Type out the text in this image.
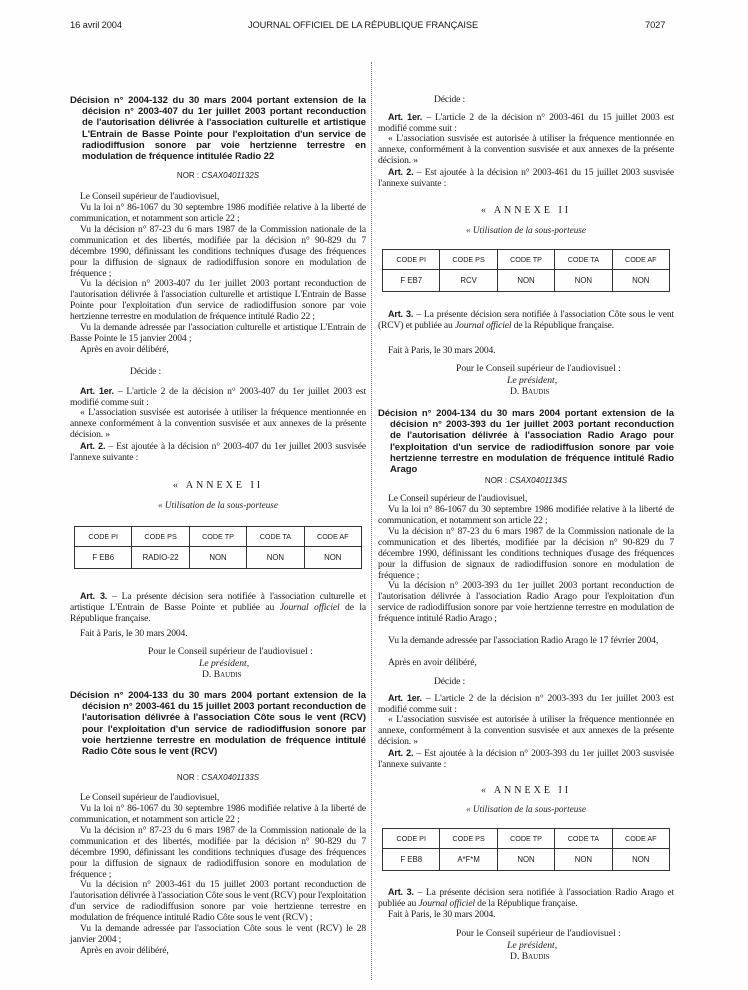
16 avril 2004	JOURNAL OFFICIEL DE LA RÉPUBLIQUE FRANÇAISE	7027
Décision n° 2004-132 du 30 mars 2004 portant extension de la décision n° 2003-407 du 1er juillet 2003 portant reconduction de l'autorisation délivrée à l'association culturelle et artistique L'Entrain de Basse Pointe pour l'exploitation d'un service de radiodiffusion sonore par voie hertzienne terrestre en modulation de fréquence intitulée Radio 22
NOR : CSAX0401132S
Le Conseil supérieur de l'audiovisuel,
Vu la loi n° 86-1067 du 30 septembre 1986 modifiée relative à la liberté de communication, et notamment son article 22 ;
Vu la décision n° 87-23 du 6 mars 1987 de la Commission nationale de la communication et des libertés, modifiée par la décision n° 90-829 du 7 décembre 1990, définissant les conditions techniques d'usage des fréquences pour la diffusion de signaux de radiodiffusion sonore en modulation de fréquence ;
Vu la décision n° 2003-407 du 1er juillet 2003 portant reconduction de l'autorisation délivrée à l'association culturelle et artistique L'Entrain de Basse Pointe pour l'exploitation d'un service de radiodiffusion sonore par voie hertzienne terrestre en modulation de fréquence intitulé Radio 22 ;
Vu la demande adressée par l'association culturelle et artistique L'Entrain de Basse Pointe le 15 janvier 2004 ;
Après en avoir délibéré,
Décide :
Art. 1er. – L'article 2 de la décision n° 2003-407 du 1er juillet 2003 est modifié comme suit :
« L'association susvisée est autorisée à utiliser la fréquence mentionnée en annexe conformément à la convention susvisée et aux annexes de la présente décision. »
Art. 2. – Est ajoutée à la décision n° 2003-407 du 1er juillet 2003 susvisée l'annexe suivante :
« ANNEXE II
« Utilisation de la sous-porteuse
CODE PI	CODE PS	CODE TP	CODE TA	CODE AF
F EB6	RADIO-22	NON	NON	NON
Art. 3. – La présente décision sera notifiée à l'association culturelle et artistique L'Entrain de Basse Pointe et publiée au Journal officiel de la République française.
Fait à Paris, le 30 mars 2004.
Pour le Conseil supérieur de l'audiovisuel :
Le président,
D. Baudis
Décision n° 2004-133 du 30 mars 2004 portant extension de la décision n° 2003-461 du 15 juillet 2003 portant reconduction de l'autorisation délivrée à l'association Côte sous le vent (RCV) pour l'exploitation d'un service de radiodiffusion sonore par voie hertzienne terrestre en modulation de fréquence intitulé Radio Côte sous le vent (RCV)
NOR : CSAX0401133S
Le Conseil supérieur de l'audiovisuel,
Vu la loi n° 86-1067 du 30 septembre 1986 modifiée relative à la liberté de communication, et notamment son article 22 ;
Vu la décision n° 87-23 du 6 mars 1987 de la Commission nationale de la communication et des libertés, modifiée par la décision n° 90-829 du 7 décembre 1990, définissant les conditions techniques d'usage des fréquences pour la diffusion de signaux de radiodiffusion sonore en modulation de fréquence ;
Vu la décision n° 2003-461 du 15 juillet 2003 portant reconduction de l'autorisation délivrée à l'association Côte sous le vent (RCV) pour l'exploitation d'un service de radiodiffusion sonore par voie hertzienne terrestre en modulation de fréquence intitulé Radio Côte sous le vent (RCV) ;
Vu la demande adressée par l'association Côte sous le vent (RCV) le 28 janvier 2004 ;
Après en avoir délibéré,
Décide :
Art. 1er. – L'article 2 de la décision n° 2003-461 du 15 juillet 2003 est modifié comme suit :
« L'association susvisée est autorisée à utiliser la fréquence mentionnée en annexe, conformément à la convention susvisée et aux annexes de la présente décision. »
Art. 2. – Est ajoutée à la décision n° 2003-461 du 15 juillet 2003 susvisée l'annexe suivante :
« ANNEXE II
« Utilisation de la sous-porteuse
CODE PI	CODE PS	CODE TP	CODE TA	CODE AF
F EB7	RCV	NON	NON	NON
Art. 3. – La présente décision sera notifiée à l'association Côte sous le vent (RCV) et publiée au Journal officiel de la République française.
Fait à Paris, le 30 mars 2004.
Pour le Conseil supérieur de l'audiovisuel :
Le président,
D. Baudis
Décision n° 2004-134 du 30 mars 2004 portant extension de la décision n° 2003-393 du 1er juillet 2003 portant reconduction de l'autorisation délivrée à l'association Radio Arago pour l'exploitation d'un service de radiodiffusion sonore par voie hertzienne terrestre en modulation de fréquence intitulé Radio Arago
NOR : CSAX0401134S
Le Conseil supérieur de l'audiovisuel,
Vu la loi n° 86-1067 du 30 septembre 1986 modifiée relative à la liberté de communication, et notamment son article 22 ;
Vu la décision n° 87-23 du 6 mars 1987 de la Commission nationale de la communication et des libertés, modifiée par la décision n° 90-829 du 7 décembre 1990, définissant les conditions techniques d'usage des fréquences pour la diffusion de signaux de radiodiffusion sonore en modulation de fréquence ;
Vu la décision n° 2003-393 du 1er juillet 2003 portant reconduction de l'autorisation délivrée à l'association Radio Arago pour l'exploitation d'un service de radiodiffusion sonore par voie hertzienne terrestre en modulation de fréquence intitulé Radio Arago ;
Vu la demande adressée par l'association Radio Arago le 17 février 2004,
Après en avoir délibéré,
Décide :
Art. 1er. – L'article 2 de la décision n° 2003-393 du 1er juillet 2003 est modifié comme suit :
« L'association susvisée est autorisée à utiliser la fréquence mentionnée en annexe, conformément à la convention susvisée et aux annexes de la présente décision. »
Art. 2. – Est ajoutée à la décision n° 2003-393 du 1er juillet 2003 susvisée l'annexe suivante :
« ANNEXE II
« Utilisation de la sous-porteuse
CODE PI	CODE PS	CODE TP	CODE TA	CODE AF
F EB8	A*F*M	NON	NON	NON
Art. 3. – La présente décision sera notifiée à l'association Radio Arago et publiée au Journal officiel de la République française.
Fait à Paris, le 30 mars 2004.
Pour le Conseil supérieur de l'audiovisuel :
Le président,
D. Baudis
